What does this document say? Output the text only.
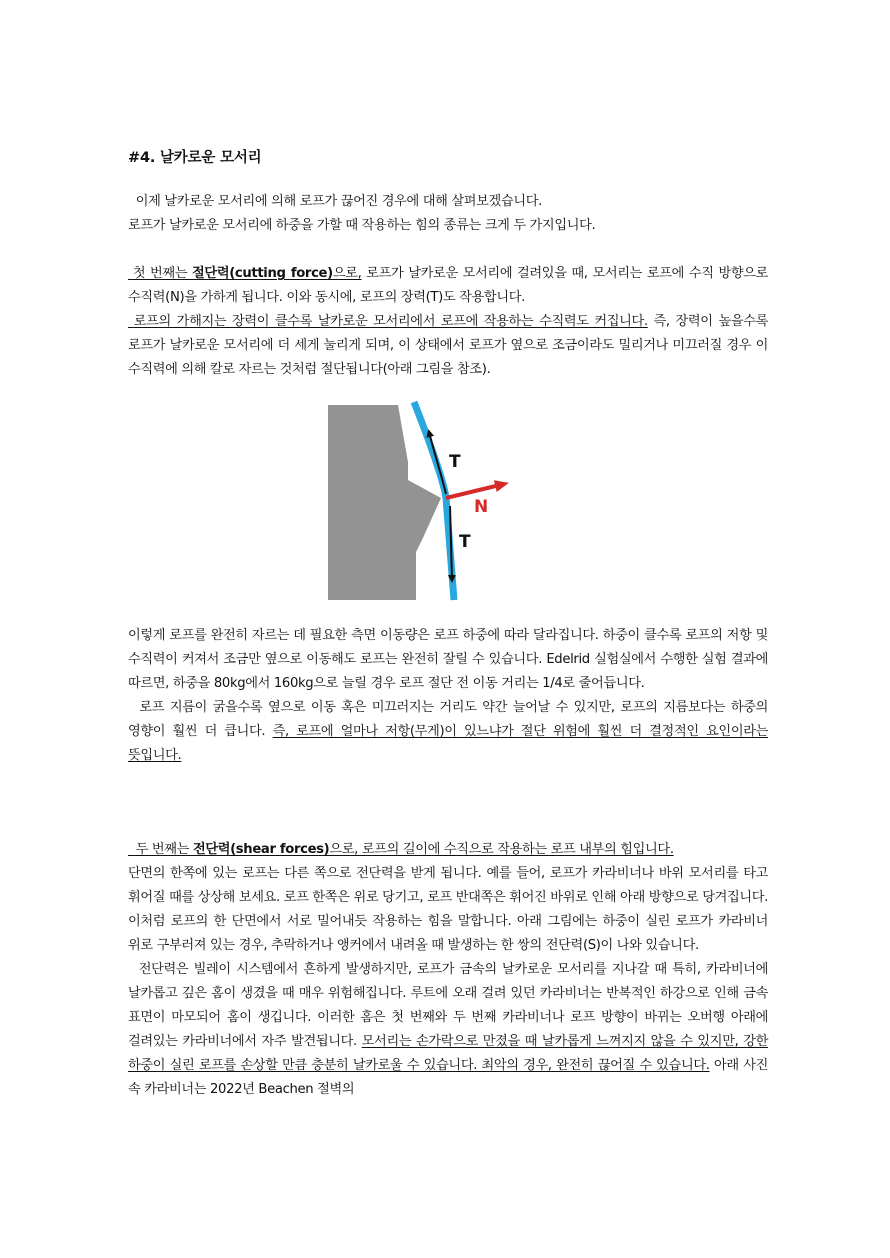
#4. 날카로운 모서리
이제 날카로운 모서리에 의해 로프가 끊어진 경우에 대해 살펴보겠습니다.
로프가 날카로운 모서리에 하중을 가할 때 작용하는 힘의 종류는 크게 두 가지입니다.
첫 번째는 절단력(cutting force)으로, 로프가 날카로운 모서리에 걸려있을 때, 모서리는 로프에 수직 방향으로 수직력(N)을 가하게 됩니다. 이와 동시에, 로프의 장력(T)도 작용합니다.
로프의 가해지는 장력이 클수록 날카로운 모서리에서 로프에 작용하는 수직력도 커집니다. 즉, 장력이 높을수록 로프가 날카로운 모서리에 더 세게 눌리게 되며, 이 상태에서 로프가 옆으로 조금이라도 밀리거나 미끄러질 경우 이 수직력에 의해 칼로 자르는 것처럼 절단됩니다(아래 그림을 참조).
T
N
T
이렇게 로프를 완전히 자르는 데 필요한 측면 이동량은 로프 하중에 따라 달라집니다. 하중이 클수록 로프의 저항 및 수직력이 커져서 조금만 옆으로 이동해도 로프는 완전히 잘릴 수 있습니다. Edelrid 실험실에서 수행한 실험 결과에 따르면, 하중을 80kg에서 160kg으로 늘릴 경우 로프 절단 전 이동 거리는 1/4로 줄어듭니다.
로프 지름이 굵을수록 옆으로 이동 혹은 미끄러지는 거리도 약간 늘어날 수 있지만, 로프의 지름보다는 하중의 영향이 훨씬 더 큽니다. 즉, 로프에 얼마나 저항(무게)이 있느냐가 절단 위험에 훨씬 더 결정적인 요인이라는 뜻입니다.
두 번째는 전단력(shear forces)으로, 로프의 길이에 수직으로 작용하는 로프 내부의 힘입니다.
단면의 한쪽에 있는 로프는 다른 쪽으로 전단력을 받게 됩니다. 예를 들어, 로프가 카라비너나 바위 모서리를 타고 휘어질 때를 상상해 보세요. 로프 한쪽은 위로 당기고, 로프 반대쪽은 휘어진 바위로 인해 아래 방향으로 당겨집니다. 이처럼 로프의 한 단면에서 서로 밀어내듯 작용하는 힘을 말합니다. 아래 그림에는 하중이 실린 로프가 카라비너 위로 구부러져 있는 경우, 추락하거나 앵커에서 내려올 때 발생하는 한 쌍의 전단력(S)이 나와 있습니다.
전단력은 빌레이 시스템에서 흔하게 발생하지만, 로프가 금속의 날카로운 모서리를 지나갈 때 특히, 카라비너에 날카롭고 깊은 홈이 생겼을 때 매우 위험해집니다. 루트에 오래 걸려 있던 카라비너는 반복적인 하강으로 인해 금속 표면이 마모되어 홈이 생깁니다. 이러한 홈은 첫 번째와 두 번째 카라비너나 로프 방향이 바뀌는 오버행 아래에 걸려있는 카라비너에서 자주 발견됩니다. 모서리는 손가락으로 만졌을 때 날카롭게 느껴지지 않을 수 있지만, 강한 하중이 실린 로프를 손상할 만큼 충분히 날카로울 수 있습니다. 최악의 경우, 완전히 끊어질 수 있습니다. 아래 사진 속 카라비너는 2022년 Beachen 절벽의
